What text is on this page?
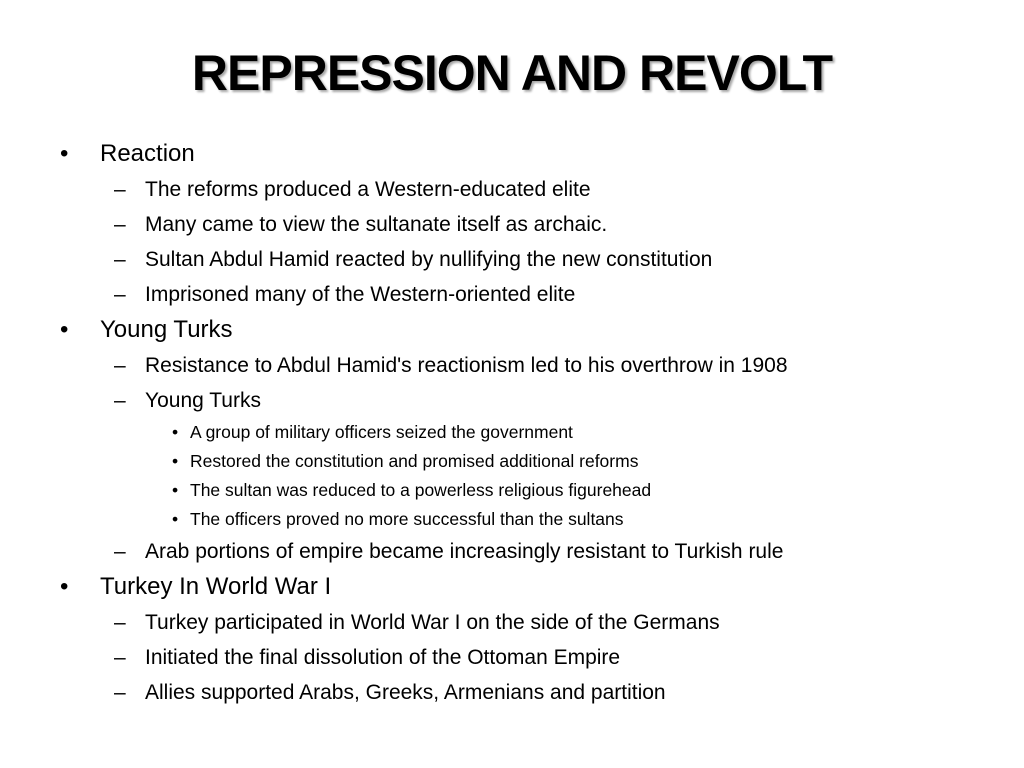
REPRESSION AND REVOLT
• Reaction
– The reforms produced a Western-educated elite
– Many came to view the sultanate itself as archaic.
– Sultan Abdul Hamid reacted by nullifying the new constitution
– Imprisoned many of the Western-oriented elite
• Young Turks
– Resistance to Abdul Hamid's reactionism led to his overthrow in 1908
– Young Turks
• A group of military officers seized the government
• Restored the constitution and promised additional reforms
• The sultan was reduced to a powerless religious figurehead
• The officers proved no more successful than the sultans
– Arab portions of empire became increasingly resistant to Turkish rule
• Turkey In World War I
– Turkey participated in World War I on the side of the Germans
– Initiated the final dissolution of the Ottoman Empire
– Allies supported Arabs, Greeks, Armenians and partition
